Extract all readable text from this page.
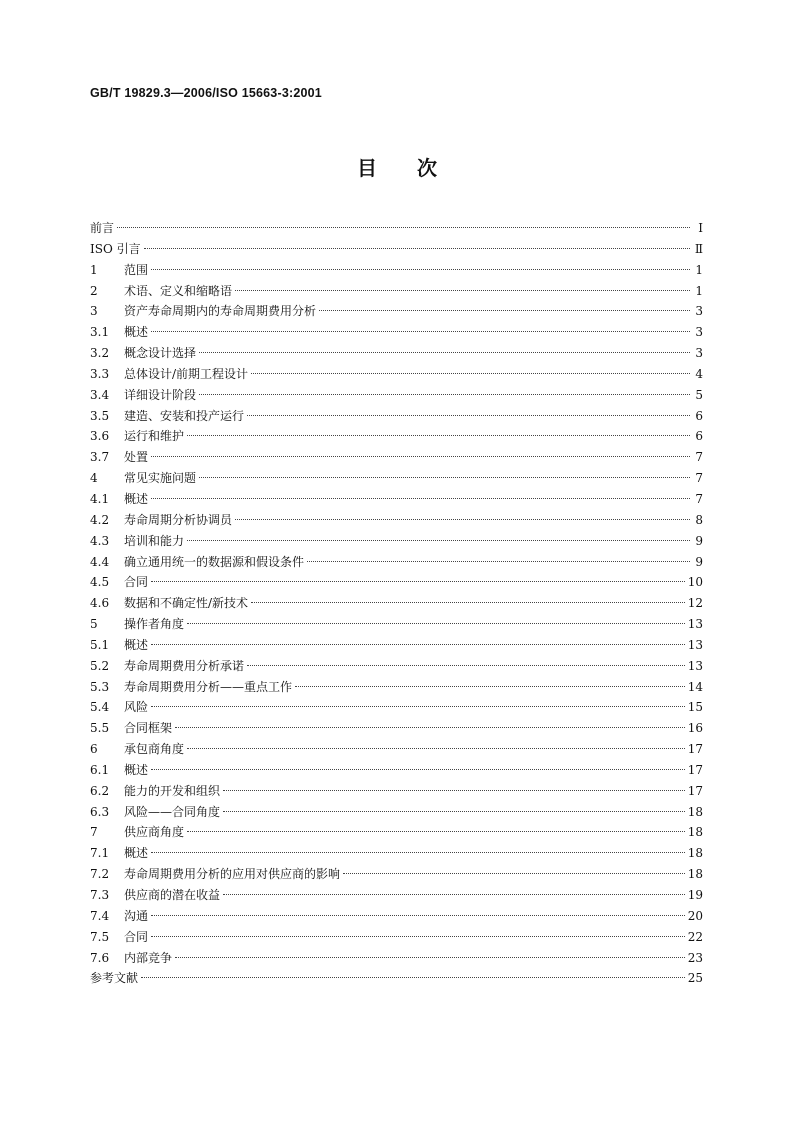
GB/T 19829.3—2006/ISO 15663-3:2001
目次
前言	Ⅰ
ISO 引言	Ⅱ
1	范围	1
2	术语、定义和缩略语	1
3	资产寿命周期内的寿命周期费用分析	3
3.1	概述	3
3.2	概念设计选择	3
3.3	总体设计/前期工程设计	4
3.4	详细设计阶段	5
3.5	建造、安装和投产运行	6
3.6	运行和维护	6
3.7	处置	7
4	常见实施问题	7
4.1	概述	7
4.2	寿命周期分析协调员	8
4.3	培训和能力	9
4.4	确立通用统一的数据源和假设条件	9
4.5	合同	10
4.6	数据和不确定性/新技术	12
5	操作者角度	13
5.1	概述	13
5.2	寿命周期费用分析承诺	13
5.3	寿命周期费用分析——重点工作	14
5.4	风险	15
5.5	合同框架	16
6	承包商角度	17
6.1	概述	17
6.2	能力的开发和组织	17
6.3	风险——合同角度	18
7	供应商角度	18
7.1	概述	18
7.2	寿命周期费用分析的应用对供应商的影响	18
7.3	供应商的潜在收益	19
7.4	沟通	20
7.5	合同	22
7.6	内部竞争	23
参考文献	25
